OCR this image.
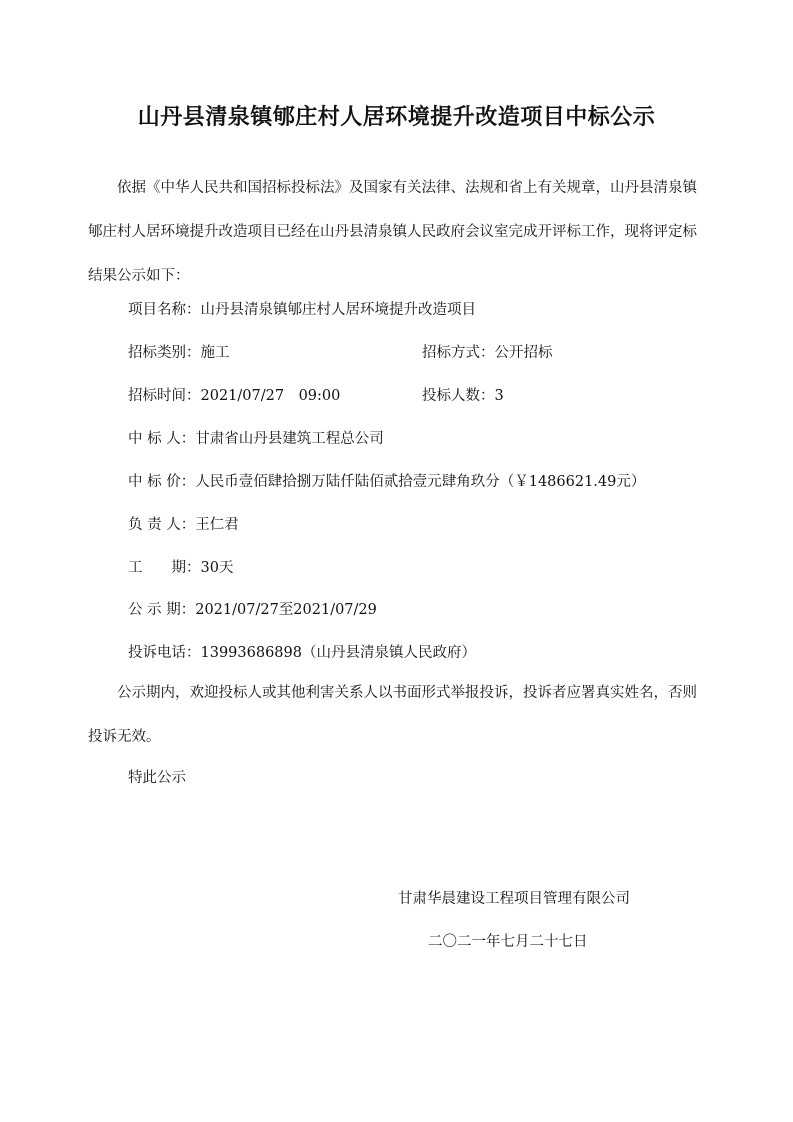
山丹县清泉镇郇庄村人居环境提升改造项目中标公示
依据《中华人民共和国招标投标法》及国家有关法律、法规和省上有关规章，山丹县清泉镇郇庄村人居环境提升改造项目已经在山丹县清泉镇人民政府会议室完成开评标工作，现将评定标结果公示如下：
项目名称：山丹县清泉镇郇庄村人居环境提升改造项目
招标类别：施工	招标方式：公开招标
招标时间：2021/07/27　09:00	投标人数：3
中 标 人：甘肃省山丹县建筑工程总公司
中 标 价：人民币壹佰肆拾捌万陆仟陆佰贰拾壹元肆角玖分（￥1486621.49元）
负 责 人：王仁君
工　　期：30天
公 示 期：2021/07/27至2021/07/29
投诉电话：13993686898（山丹县清泉镇人民政府）
公示期内，欢迎投标人或其他利害关系人以书面形式举报投诉，投诉者应署真实姓名，否则投诉无效。
特此公示
甘肃华晨建设工程项目管理有限公司
二〇二一年七月二十七日
